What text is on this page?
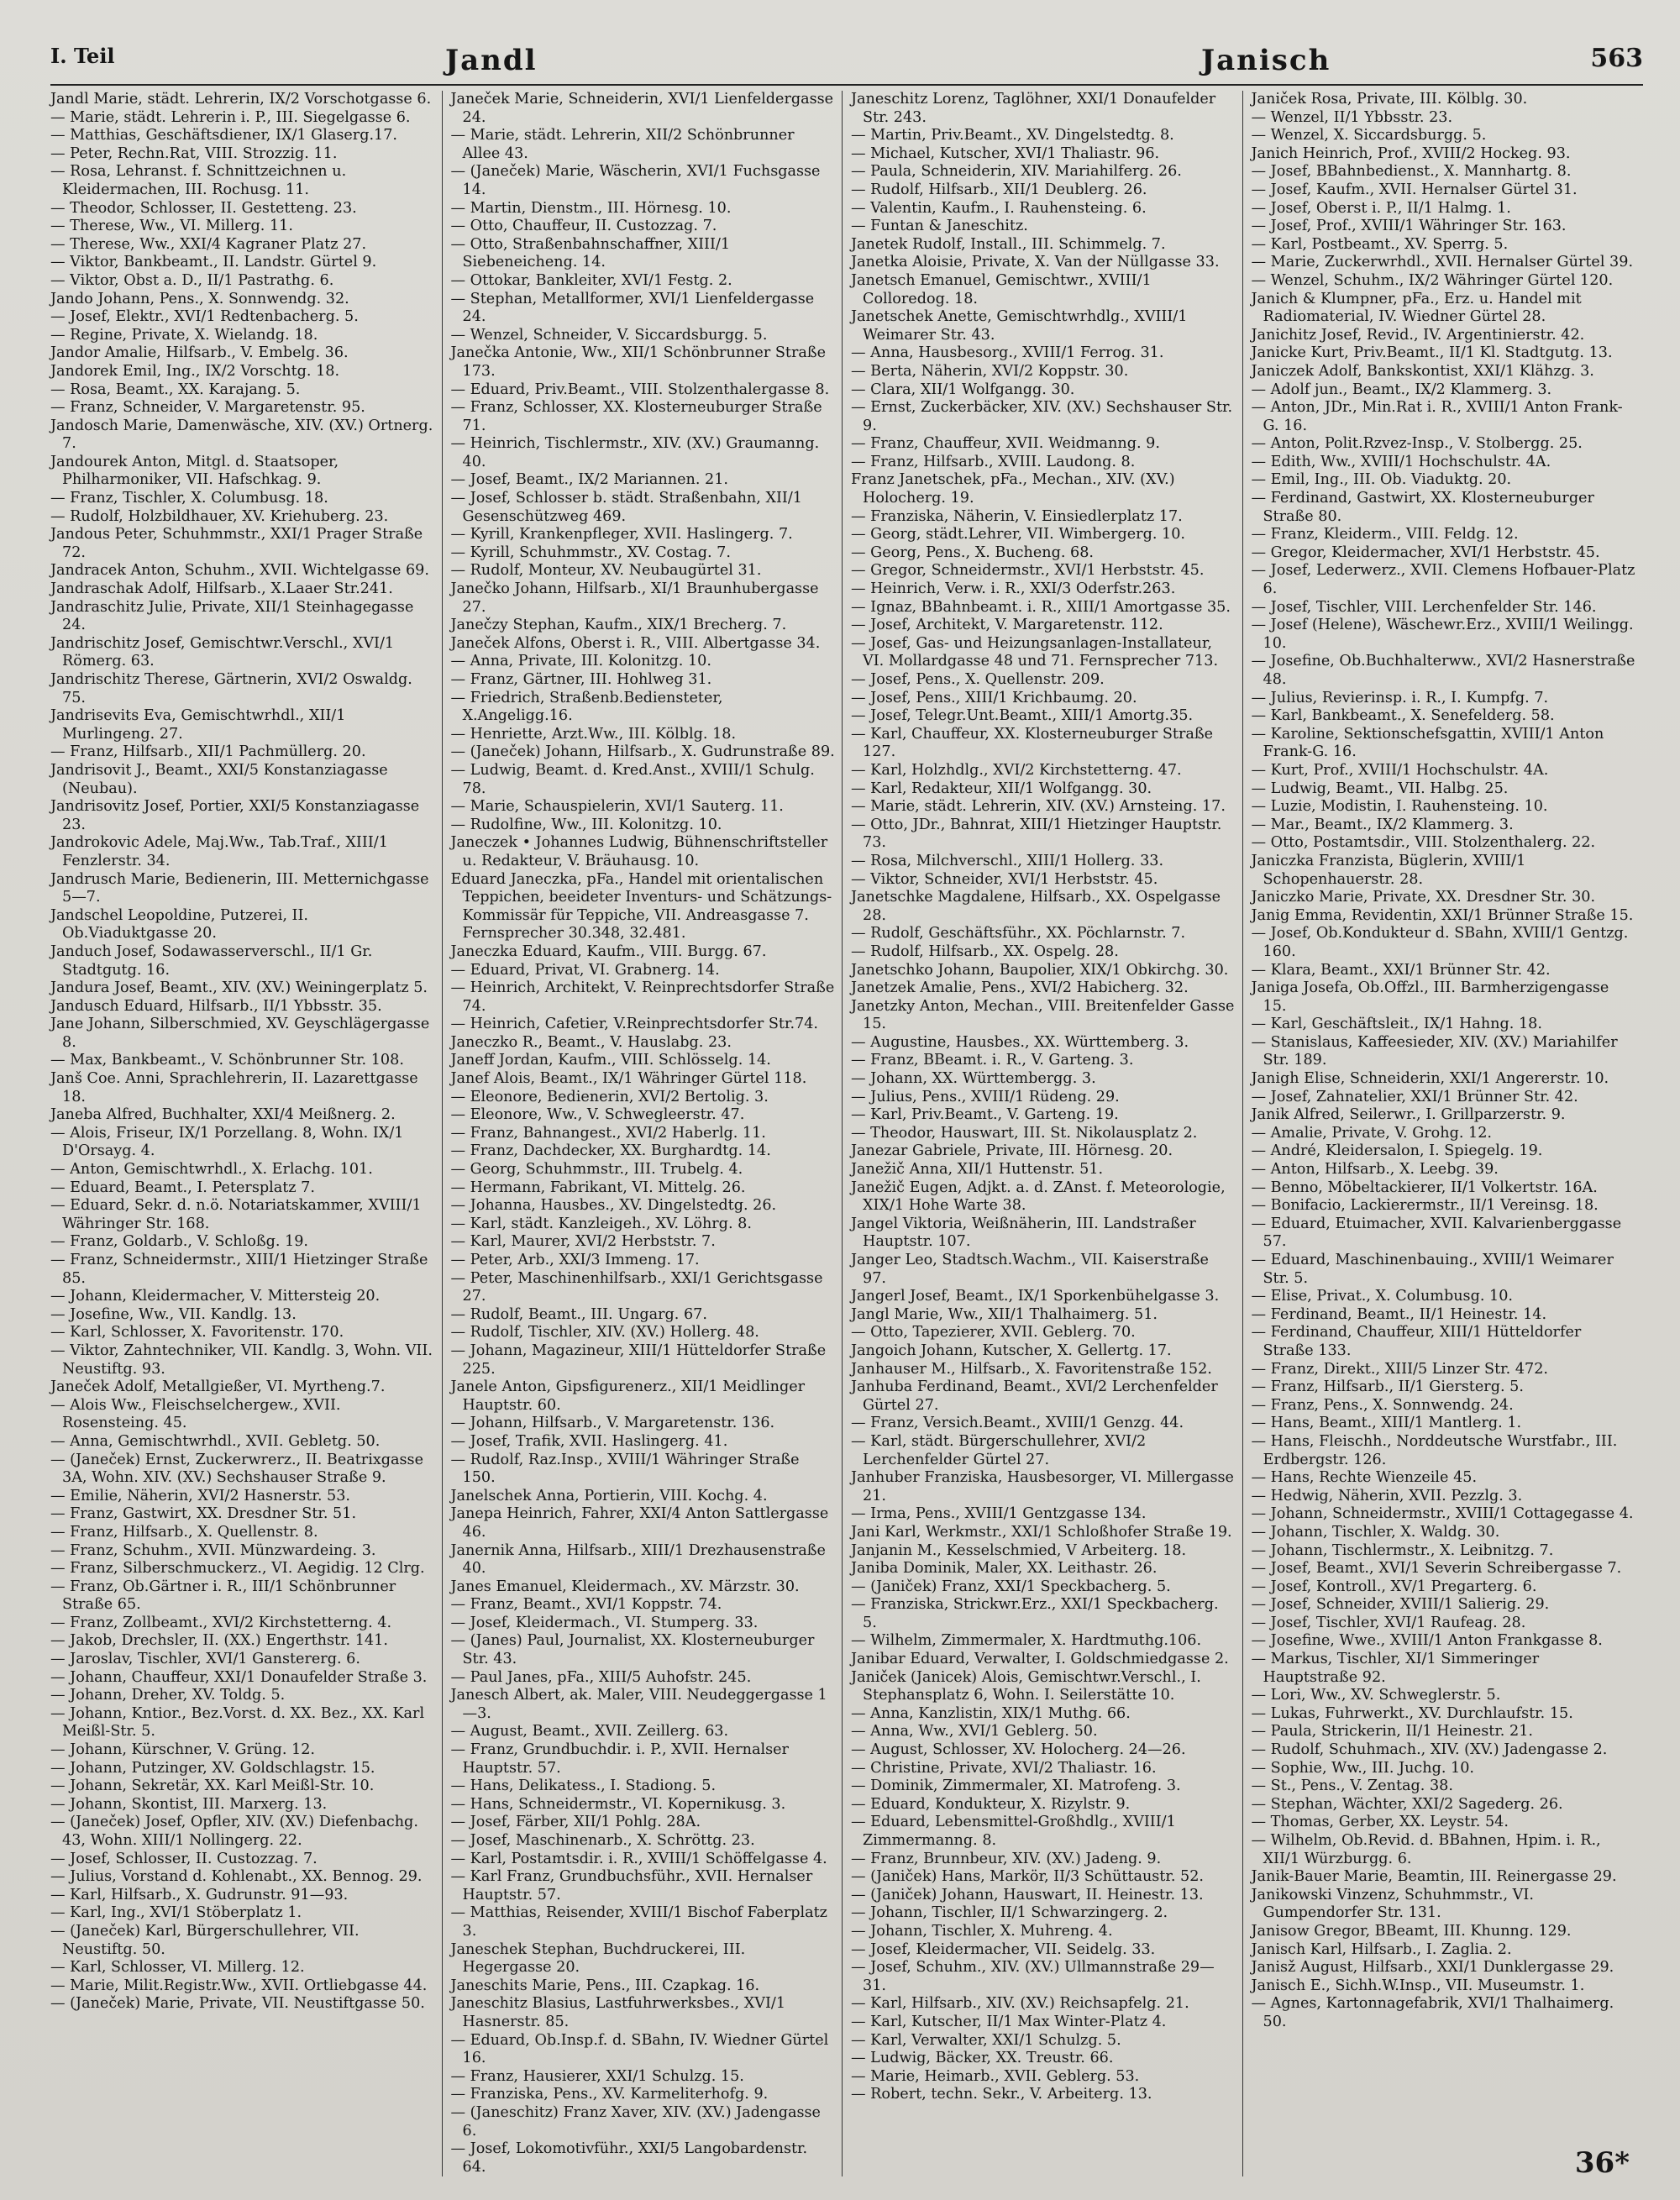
I. Teil	Jandl	Janisch	563

Jandl Marie, städt. Lehrerin, IX/2 Vorschotgasse 6.

— Marie, städt. Lehrerin i. P., III. Siegelgasse 6.

— Matthias, Geschäftsdiener, IX/1 Glaserg.17.

— Peter, Rechn.Rat, VIII. Strozzig. 11.

— Rosa, Lehranst. f. Schnittzeichnen u. Kleidermachen, III. Rochusg. 11.

— Theodor, Schlosser, II. Gestetteng. 23.

— Therese, Ww., VI. Millerg. 11.

— Therese, Ww., XXI/4 Kagraner Platz 27.

— Viktor, Bankbeamt., II. Landstr. Gürtel 9.

— Viktor, Obst a. D., II/1 Pastrathg. 6.

Jando Johann, Pens., X. Sonnwendg. 32.

— Josef, Elektr., XVI/1 Redtenbacherg. 5.

— Regine, Private, X. Wielandg. 18.

Jandor Amalie, Hilfsarb., V. Embelg. 36.

Jandorek Emil, Ing., IX/2 Vorschtg. 18.

— Rosa, Beamt., XX. Karajang. 5.

— Franz, Schneider, V. Margaretenstr. 95.

Jandosch Marie, Damenwäsche, XIV. (XV.) Ortnerg. 7.

Jandourek Anton, Mitgl. d. Staatsoper, Philharmoniker, VII. Hafschkag. 9.

— Franz, Tischler, X. Columbusg. 18.

— Rudolf, Holzbildhauer, XV. Kriehuberg. 23.

Jandous Peter, Schuhmmstr., XXI/1 Prager Straße 72.

Jandracek Anton, Schuhm., XVII. Wichtelgasse 69.

Jandraschak Adolf, Hilfsarb., X.Laaer Str.241.

Jandraschitz Julie, Private, XII/1 Steinhagegasse 24.

Jandrischitz Josef, Gemischtwr.Verschl., XVI/1 Römerg. 63.

Jandrischitz Therese, Gärtnerin, XVI/2 Oswaldg. 75.

Jandrisevits Eva, Gemischtwrhdl., XII/1 Murlingeng. 27.

— Franz, Hilfsarb., XII/1 Pachmüllerg. 20.

Jandrisovit J., Beamt., XXI/5 Konstanziagasse (Neubau).

Jandrisovitz Josef, Portier, XXI/5 Konstanziagasse 23.

Jandrokovic Adele, Maj.Ww., Tab.Traf., XIII/1 Fenzlerstr. 34.

Jandrusch Marie, Bedienerin, III. Metternichgasse 5—7.

Jandschel Leopoldine, Putzerei, II. Ob.Viaduktgasse 20.

Janduch Josef, Sodawasserverschl., II/1 Gr. Stadtgutg. 16.

Jandura Josef, Beamt., XIV. (XV.) Weiningerplatz 5.

Jandusch Eduard, Hilfsarb., II/1 Ybbsstr. 35.

Jane Johann, Silberschmied, XV. Geyschlägergasse 8.

— Max, Bankbeamt., V. Schönbrunner Str. 108.

Janš Coe. Anni, Sprachlehrerin, II. Lazarettgasse 18.

Janeba Alfred, Buchhalter, XXI/4 Meißnerg. 2.

— Alois, Friseur, IX/1 Porzellang. 8, Wohn. IX/1 D'Orsayg. 4.

— Anton, Gemischtwrhdl., X. Erlachg. 101.

— Eduard, Beamt., I. Petersplatz 7.

— Eduard, Sekr. d. n.ö. Notariatskammer, XVIII/1 Währinger Str. 168.

— Franz, Goldarb., V. Schloßg. 19.

— Franz, Schneidermstr., XIII/1 Hietzinger Straße 85.

— Johann, Kleidermacher, V. Mittersteig 20.

— Josefine, Ww., VII. Kandlg. 13.

— Karl, Schlosser, X. Favoritenstr. 170.

— Viktor, Zahntechniker, VII. Kandlg. 3, Wohn. VII. Neustiftg. 93.

Janeček Adolf, Metallgießer, VI. Myrtheng.7.

— Alois Ww., Fleischselchergew., XVII. Rosensteing. 45.

— Anna, Gemischtwrhdl., XVII. Gebletg. 50.

— (Janeček) Ernst, Zuckerwrerz., II. Beatrixgasse 3A, Wohn. XIV. (XV.) Sechshauser Straße 9.

— Emilie, Näherin, XVI/2 Hasnerstr. 53.

— Franz, Gastwirt, XX. Dresdner Str. 51.

— Franz, Hilfsarb., X. Quellenstr. 8.

— Franz, Schuhm., XVII. Münzwardeing. 3.

— Franz, Silberschmuckerz., VI. Aegidig. 12 Clrg.

— Franz, Ob.Gärtner i. R., III/1 Schönbrunner Straße 65.

— Franz, Zollbeamt., XVI/2 Kirchstetterng. 4.

— Jakob, Drechsler, II. (XX.) Engerthstr. 141.

— Jaroslav, Tischler, XVI/1 Ganstererg. 6.

— Johann, Chauffeur, XXI/1 Donaufelder Straße 3.

— Johann, Dreher, XV. Toldg. 5.

— Johann, Kntior., Bez.Vorst. d. XX. Bez., XX. Karl Meißl-Str. 5.

— Johann, Kürschner, V. Grüng. 12.

— Johann, Putzinger, XV. Goldschlagstr. 15.

— Johann, Sekretär, XX. Karl Meißl-Str. 10.

— Johann, Skontist, III. Marxerg. 13.

— (Janeček) Josef, Opfler, XIV. (XV.) Diefenbachg. 43, Wohn. XIII/1 Nollingerg. 22.

— Josef, Schlosser, II. Custozzag. 7.

— Julius, Vorstand d. Kohlenabt., XX. Bennog. 29.

— Karl, Hilfsarb., X. Gudrunstr. 91—93.

— Karl, Ing., XVI/1 Stöberplatz 1.

— (Janeček) Karl, Bürgerschullehrer, VII. Neustiftg. 50.

— Karl, Schlosser, VI. Millerg. 12.

— Marie, Milit.Registr.Ww., XVII. Ortliebgasse 44.

— (Janeček) Marie, Private, VII. Neustiftgasse 50.

Janeček Marie, Schneiderin, XVI/1 Lienfeldergasse 24.

— Marie, städt. Lehrerin, XII/2 Schönbrunner Allee 43.

— (Janeček) Marie, Wäscherin, XVI/1 Fuchsgasse 14.

— Martin, Dienstm., III. Hörnesg. 10.

— Otto, Chauffeur, II. Custozzag. 7.

— Otto, Straßenbahnschaffner, XIII/1 Siebeneicheng. 14.

— Ottokar, Bankleiter, XVI/1 Festg. 2.

— Stephan, Metallformer, XVI/1 Lienfeldergasse 24.

— Wenzel, Schneider, V. Siccardsburgg. 5.

Janečka Antonie, Ww., XII/1 Schönbrunner Straße 173.

— Eduard, Priv.Beamt., VIII. Stolzenthalergasse 8.

— Franz, Schlosser, XX. Klosterneuburger Straße 71.

— Heinrich, Tischlermstr., XIV. (XV.) Graumanng. 40.

— Josef, Beamt., IX/2 Mariannen. 21.

— Josef, Schlosser b. städt. Straßenbahn, XII/1 Gesenschützweg 469.

— Kyrill, Krankenpfleger, XVII. Haslingerg. 7.

— Kyrill, Schuhmmstr., XV. Costag. 7.

— Rudolf, Monteur, XV. Neubaugürtel 31.

Janečko Johann, Hilfsarb., XI/1 Braunhubergasse 27.

Janečzy Stephan, Kaufm., XIX/1 Brecherg. 7.

Janeček Alfons, Oberst i. R., VIII. Albertgasse 34.

— Anna, Private, III. Kolonitzg. 10.

— Franz, Gärtner, III. Hohlweg 31.

— Friedrich, Straßenb.Bediensteter, X.Angeligg.16.

— Henriette, Arzt.Ww., III. Kölblg. 18.

— (Janeček) Johann, Hilfsarb., X. Gudrunstraße 89.

— Ludwig, Beamt. d. Kred.Anst., XVIII/1 Schulg. 78.

— Marie, Schauspielerin, XVI/1 Sauterg. 11.

— Rudolfine, Ww., III. Kolonitzg. 10.

Janeczek • Johannes Ludwig, Bühnenschriftsteller u. Redakteur, V. Bräuhausg. 10.

Eduard Janeczka, pFa., Handel mit orientalischen Teppichen, beeideter Inventurs- und Schätzungs-Kommissär für Teppiche, VII. Andreasgasse 7. Fernsprecher 30.348, 32.481.

Janeczka Eduard, Kaufm., VIII. Burgg. 67.

— Eduard, Privat, VI. Grabnerg. 14.

— Heinrich, Architekt, V. Reinprechtsdorfer Straße 74.

— Heinrich, Cafetier, V.Reinprechtsdorfer Str.74.

Janeczko R., Beamt., V. Hauslabg. 23.

Janeff Jordan, Kaufm., VIII. Schlösselg. 14.

Janef Alois, Beamt., IX/1 Währinger Gürtel 118.

— Eleonore, Bedienerin, XVI/2 Bertolig. 3.

— Eleonore, Ww., V. Schwegleerstr. 47.

— Franz, Bahnangest., XVI/2 Haberlg. 11.

— Franz, Dachdecker, XX. Burghardtg. 14.

— Georg, Schuhmmstr., III. Trubelg. 4.

— Hermann, Fabrikant, VI. Mittelg. 26.

— Johanna, Hausbes., XV. Dingelstedtg. 26.

— Karl, städt. Kanzleigeh., XV. Löhrg. 8.

— Karl, Maurer, XVI/2 Herbststr. 7.

— Peter, Arb., XXI/3 Immeng. 17.

— Peter, Maschinenhilfsarb., XXI/1 Gerichtsgasse 27.

— Rudolf, Beamt., III. Ungarg. 67.

— Rudolf, Tischler, XIV. (XV.) Hollerg. 48.

— Johann, Magazineur, XIII/1 Hütteldorfer Straße 225.

Janele Anton, Gipsfigurenerz., XII/1 Meidlinger Hauptstr. 60.

— Johann, Hilfsarb., V. Margaretenstr. 136.

— Josef, Trafik, XVII. Haslingerg. 41.

— Rudolf, Raz.Insp., XVIII/1 Währinger Straße 150.

Janelschek Anna, Portierin, VIII. Kochg. 4.

Janepa Heinrich, Fahrer, XXI/4 Anton Sattlergasse 46.

Janernik Anna, Hilfsarb., XIII/1 Drezhausenstraße 40.

Janes Emanuel, Kleidermach., XV. Märzstr. 30.

— Franz, Beamt., XVI/1 Koppstr. 74.

— Josef, Kleidermach., VI. Stumperg. 33.

— (Janes) Paul, Journalist, XX. Klosterneuburger Str. 43.

— Paul Janes, pFa., XIII/5 Auhofstr. 245.

Janesch Albert, ak. Maler, VIII. Neudeggergasse 1—3.

— August, Beamt., XVII. Zeillerg. 63.

— Franz, Grundbuchdir. i. P., XVII. Hernalser Hauptstr. 57.

— Hans, Delikatess., I. Stadiong. 5.

— Hans, Schneidermstr., VI. Kopernikusg. 3.

— Josef, Färber, XII/1 Pohlg. 28A.

— Josef, Maschinenarb., X. Schröttg. 23.

— Karl, Postamtsdir. i. R., XVIII/1 Schöffelgasse 4.

— Karl Franz, Grundbuchsführ., XVII. Hernalser Hauptstr. 57.

— Matthias, Reisender, XVIII/1 Bischof Faberplatz 3.

Janeschek Stephan, Buchdruckerei, III. Hegergasse 20.

Janeschits Marie, Pens., III. Czapkag. 16.

Janeschitz Blasius, Lastfuhrwerksbes., XVI/1 Hasnerstr. 85.

— Eduard, Ob.Insp.f. d. SBahn, IV. Wiedner Gürtel 16.

— Franz, Hausierer, XXI/1 Schulzg. 15.

— Franziska, Pens., XV. Karmeliterhofg. 9.

— (Janeschitz) Franz Xaver, XIV. (XV.) Jadengasse 6.

— Josef, Lokomotivführ., XXI/5 Langobardenstr. 64.

Janeschitz Lorenz, Taglöhner, XXI/1 Donaufelder Str. 243.

— Martin, Priv.Beamt., XV. Dingelstedtg. 8.

— Michael, Kutscher, XVI/1 Thaliastr. 96.

— Paula, Schneiderin, XIV. Mariahilferg. 26.

— Rudolf, Hilfsarb., XII/1 Deublerg. 26.

— Valentin, Kaufm., I. Rauhensteing. 6.

— Funtan & Janeschitz.

Janetek Rudolf, Install., III. Schimmelg. 7.

Janetka Aloisie, Private, X. Van der Nüllgasse 33.

Janetsch Emanuel, Gemischtwr., XVIII/1 Colloredog. 18.

Janetschek Anette, Gemischtwrhdlg., XVIII/1 Weimarer Str. 43.

— Anna, Hausbesorg., XVIII/1 Ferrog. 31.

— Berta, Näherin, XVI/2 Koppstr. 30.

— Clara, XII/1 Wolfgangg. 30.

— Ernst, Zuckerbäcker, XIV. (XV.) Sechshauser Str. 9.

— Franz, Chauffeur, XVII. Weidmanng. 9.

— Franz, Hilfsarb., XVIII. Laudong. 8.

Franz Janetschek, pFa., Mechan., XIV. (XV.) Holocherg. 19.

— Franziska, Näherin, V. Einsiedlerplatz 17.

— Georg, städt.Lehrer, VII. Wimbergerg. 10.

— Georg, Pens., X. Bucheng. 68.

— Gregor, Schneidermstr., XVI/1 Herbststr. 45.

— Heinrich, Verw. i. R., XXI/3 Oderfstr.263.

— Ignaz, BBahnbeamt. i. R., XIII/1 Amortgasse 35.

— Josef, Architekt, V. Margaretenstr. 112.

— Josef, Gas- und Heizungsanlagen-Installateur, VI. Mollardgasse 48 und 71. Fernsprecher 713.

— Josef, Pens., X. Quellenstr. 209.

— Josef, Pens., XIII/1 Krichbaumg. 20.

— Josef, Telegr.Unt.Beamt., XIII/1 Amortg.35.

— Karl, Chauffeur, XX. Klosterneuburger Straße 127.

— Karl, Holzhdlg., XVI/2 Kirchstetterng. 47.

— Karl, Redakteur, XII/1 Wolfgangg. 30.

— Marie, städt. Lehrerin, XIV. (XV.) Arnsteing. 17.

— Otto, JDr., Bahnrat, XIII/1 Hietzinger Hauptstr. 73.

— Rosa, Milchverschl., XIII/1 Hollerg. 33.

— Viktor, Schneider, XVI/1 Herbststr. 45.

Janetschke Magdalene, Hilfsarb., XX. Ospelgasse 28.

— Rudolf, Geschäftsführ., XX. Pöchlarnstr. 7.

— Rudolf, Hilfsarb., XX. Ospelg. 28.

Janetschko Johann, Baupolier, XIX/1 Obkirchg. 30.

Janetzek Amalie, Pens., XVI/2 Habicherg. 32.

Janetzky Anton, Mechan., VIII. Breitenfelder Gasse 15.

— Augustine, Hausbes., XX. Württemberg. 3.

— Franz, BBeamt. i. R., V. Garteng. 3.

— Johann, XX. Württembergg. 3.

— Julius, Pens., XVIII/1 Rüdeng. 29.

— Karl, Priv.Beamt., V. Garteng. 19.

— Theodor, Hauswart, III. St. Nikolausplatz 2.

Janezar Gabriele, Private, III. Hörnesg. 20.

Janežič Anna, XII/1 Huttenstr. 51.

Janežič Eugen, Adjkt. a. d. ZAnst. f. Meteorologie, XIX/1 Hohe Warte 38.

Jangel Viktoria, Weißnäherin, III. Landstraßer Hauptstr. 107.

Janger Leo, Stadtsch.Wachm., VII. Kaiserstraße 97.

Jangerl Josef, Beamt., IX/1 Sporkenbühelgasse 3.

Jangl Marie, Ww., XII/1 Thalhaimerg. 51.

— Otto, Tapezierer, XVII. Geblerg. 70.

Jangoich Johann, Kutscher, X. Gellertg. 17.

Janhauser M., Hilfsarb., X. Favoritenstraße 152.

Janhuba Ferdinand, Beamt., XVI/2 Lerchenfelder Gürtel 27.

— Franz, Versich.Beamt., XVIII/1 Genzg. 44.

— Karl, städt. Bürgerschullehrer, XVI/2 Lerchenfelder Gürtel 27.

Janhuber Franziska, Hausbesorger, VI. Millergasse 21.

— Irma, Pens., XVIII/1 Gentzgasse 134.

Jani Karl, Werkmstr., XXI/1 Schloßhofer Straße 19.

Janjanin M., Kesselschmied, V Arbeiterg. 18.

Janiba Dominik, Maler, XX. Leithastr. 26.

— (Janiček) Franz, XXI/1 Speckbacherg. 5.

— Franziska, Strickwr.Erz., XXI/1 Speckbacherg. 5.

— Wilhelm, Zimmermaler, X. Hardtmuthg.106.

Janibar Eduard, Verwalter, I. Goldschmiedgasse 2.

Janiček (Janicek) Alois, Gemischtwr.Verschl., I. Stephansplatz 6, Wohn. I. Seilerstätte 10.

— Anna, Kanzlistin, XIX/1 Muthg. 66.

— Anna, Ww., XVI/1 Geblerg. 50.

— August, Schlosser, XV. Holocherg. 24—26.

— Christine, Private, XVI/2 Thaliastr. 16.

— Dominik, Zimmermaler, XI. Matrofeng. 3.

— Eduard, Kondukteur, X. Rizylstr. 9.

— Eduard, Lebensmittel-Großhdlg., XVIII/1 Zimmermanng. 8.

— Franz, Brunnbeur, XIV. (XV.) Jadeng. 9.

— (Janiček) Hans, Markör, II/3 Schüttaustr. 52.

— (Janiček) Johann, Hauswart, II. Heinestr. 13.

— Johann, Tischler, II/1 Schwarzingerg. 2.

— Johann, Tischler, X. Muhreng. 4.

— Josef, Kleidermacher, VII. Seidelg. 33.

— Josef, Schuhm., XIV. (XV.) Ullmannstraße 29—31.

— Karl, Hilfsarb., XIV. (XV.) Reichsapfelg. 21.

— Karl, Kutscher, II/1 Max Winter-Platz 4.

— Karl, Verwalter, XXI/1 Schulzg. 5.

— Ludwig, Bäcker, XX. Treustr. 66.

— Marie, Heimarb., XVII. Geblerg. 53.

— Robert, techn. Sekr., V. Arbeiterg. 13.

Janiček Rosa, Private, III. Kölblg. 30.

— Wenzel, II/1 Ybbsstr. 23.

— Wenzel, X. Siccardsburgg. 5.

Janich Heinrich, Prof., XVIII/2 Hockeg. 93.

— Josef, BBahnbedienst., X. Mannhartg. 8.

— Josef, Kaufm., XVII. Hernalser Gürtel 31.

— Josef, Oberst i. P., II/1 Halmg. 1.

— Josef, Prof., XVIII/1 Währinger Str. 163.

— Karl, Postbeamt., XV. Sperrg. 5.

— Marie, Zuckerwrhdl., XVII. Hernalser Gürtel 39.

— Wenzel, Schuhm., IX/2 Währinger Gürtel 120.

Janich & Klumpner, pFa., Erz. u. Handel mit Radiomaterial, IV. Wiedner Gürtel 28.

Janichitz Josef, Revid., IV. Argentinierstr. 42.

Janicke Kurt, Priv.Beamt., II/1 Kl. Stadtgutg. 13.

Janiczek Adolf, Bankskontist, XXI/1 Klähzg. 3.

— Adolf jun., Beamt., IX/2 Klammerg. 3.

— Anton, JDr., Min.Rat i. R., XVIII/1 Anton Frank-G. 16.

— Anton, Polit.Rzvez-Insp., V. Stolbergg. 25.

— Edith, Ww., XVIII/1 Hochschulstr. 4A.

— Emil, Ing., III. Ob. Viaduktg. 20.

— Ferdinand, Gastwirt, XX. Klosterneuburger Straße 80.

— Franz, Kleiderm., VIII. Feldg. 12.

— Gregor, Kleidermacher, XVI/1 Herbststr. 45.

— Josef, Lederwerz., XVII. Clemens Hofbauer-Platz 6.

— Josef, Tischler, VIII. Lerchenfelder Str. 146.

— Josef (Helene), Wäschewr.Erz., XVIII/1 Weilingg. 10.

— Josefine, Ob.Buchhalterww., XVI/2 Hasnerstraße 48.

— Julius, Revierinsp. i. R., I. Kumpfg. 7.

— Karl, Bankbeamt., X. Senefelderg. 58.

— Karoline, Sektionschefsgattin, XVIII/1 Anton Frank-G. 16.

— Kurt, Prof., XVIII/1 Hochschulstr. 4A.

— Ludwig, Beamt., VII. Halbg. 25.

— Luzie, Modistin, I. Rauhensteing. 10.

— Mar., Beamt., IX/2 Klammerg. 3.

— Otto, Postamtsdir., VIII. Stolzenthalerg. 22.

Janiczka Franzista, Büglerin, XVIII/1 Schopenhauerstr. 28.

Janiczko Marie, Private, XX. Dresdner Str. 30.

Janig Emma, Revidentin, XXI/1 Brünner Straße 15.

— Josef, Ob.Kondukteur d. SBahn, XVIII/1 Gentzg. 160.

— Klara, Beamt., XXI/1 Brünner Str. 42.

Janiga Josefa, Ob.Offzl., III. Barmherzigengasse 15.

— Karl, Geschäftsleit., IX/1 Hahng. 18.

— Stanislaus, Kaffeesieder, XIV. (XV.) Mariahilfer Str. 189.

Janigh Elise, Schneiderin, XXI/1 Angererstr. 10.

— Josef, Zahnatelier, XXI/1 Brünner Str. 42.

Janik Alfred, Seilerwr., I. Grillparzerstr. 9.

— Amalie, Private, V. Grohg. 12.

— André, Kleidersalon, I. Spiegelg. 19.

— Anton, Hilfsarb., X. Leebg. 39.

— Benno, Möbeltackierer, II/1 Volkertstr. 16A.

— Bonifacio, Lackierermstr., II/1 Vereinsg. 18.

— Eduard, Etuimacher, XVII. Kalvarienberggasse 57.

— Eduard, Maschinenbauing., XVIII/1 Weimarer Str. 5.

— Elise, Privat., X. Columbusg. 10.

— Ferdinand, Beamt., II/1 Heinestr. 14.

— Ferdinand, Chauffeur, XIII/1 Hütteldorfer Straße 133.

— Franz, Direkt., XIII/5 Linzer Str. 472.

— Franz, Hilfsarb., II/1 Giersterg. 5.

— Franz, Pens., X. Sonnwendg. 24.

— Hans, Beamt., XIII/1 Mantlerg. 1.

— Hans, Fleischh., Norddeutsche Wurstfabr., III. Erdbergstr. 126.

— Hans, Rechte Wienzeile 45.

— Hedwig, Näherin, XVII. Pezzlg. 3.

— Johann, Schneidermstr., XVIII/1 Cottagegasse 4.

— Johann, Tischler, X. Waldg. 30.

— Johann, Tischlermstr., X. Leibnitzg. 7.

— Josef, Beamt., XVI/1 Severin Schreibergasse 7.

— Josef, Kontroll., XV/1 Pregarterg. 6.

— Josef, Schneider, XVIII/1 Salierig. 29.

— Josef, Tischler, XVI/1 Raufeag. 28.

— Josefine, Wwe., XVIII/1 Anton Frankgasse 8.

— Markus, Tischler, XI/1 Simmeringer Hauptstraße 92.

— Lori, Ww., XV. Schweglerstr. 5.

— Lukas, Fuhrwerkt., XV. Durchlaufstr. 15.

— Paula, Strickerin, II/1 Heinestr. 21.

— Rudolf, Schuhmach., XIV. (XV.) Jadengasse 2.

— Sophie, Ww., III. Juchg. 10.

— St., Pens., V. Zentag. 38.

— Stephan, Wächter, XXI/2 Sagederg. 26.

— Thomas, Gerber, XX. Leystr. 54.

— Wilhelm, Ob.Revid. d. BBahnen, Hpim. i. R., XII/1 Würzburgg. 6.

Janik-Bauer Marie, Beamtin, III. Reinergasse 29.

Janikowski Vinzenz, Schuhmmstr., VI. Gumpendorfer Str. 131.

Janisow Gregor, BBeamt, III. Khunng. 129.

Janisch Karl, Hilfsarb., I. Zaglia. 2.

Janisž August, Hilfsarb., XXI/1 Dunklergasse 29.

Janisch E., Sichh.W.Insp., VII. Museumstr. 1.

— Agnes, Kartonnagefabrik, XVI/1 Thalhaimerg. 50.

36*
